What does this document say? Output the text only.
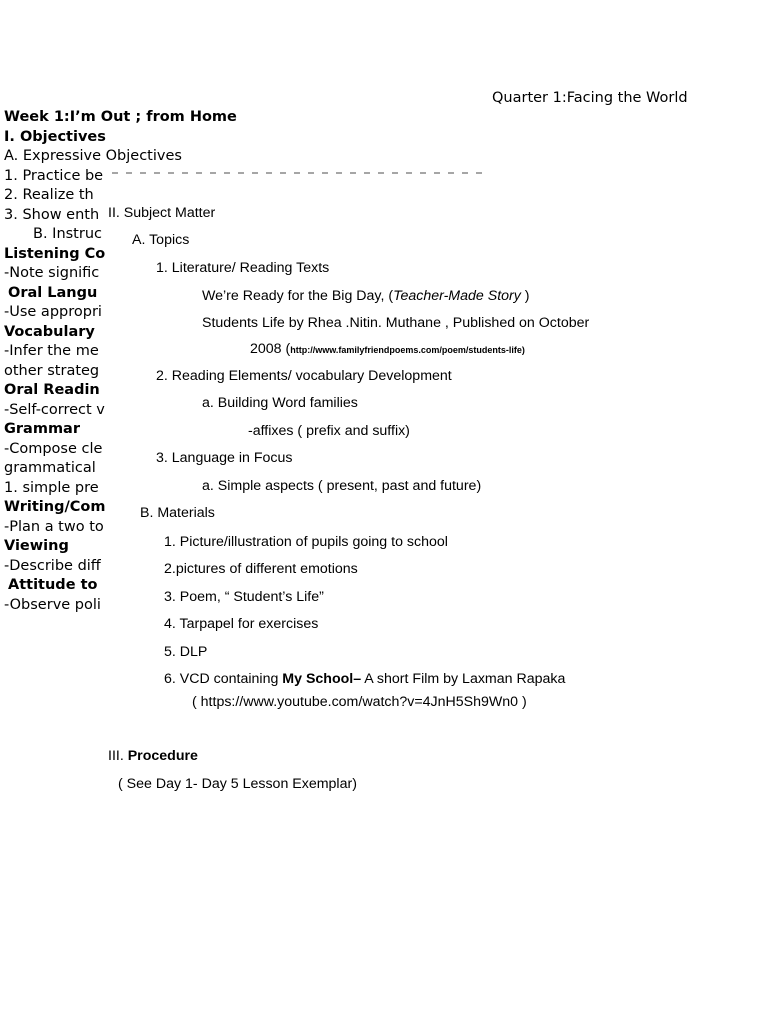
Quarter 1:Facing the World
Week 1:I’m Out ; from Home
I. Objectives
A. Expressive Objectives
1. Practice be
2. Realize th
3. Show enth
B. Instruc
Listening Co
-Note signific
Oral Langu
-Use appropri
Vocabulary
-Infer the me
other strateg
Oral Readin
-Self-correct v
Grammar
-Compose cle
grammatical
1. simple pre
Writing/Com
-Plan a two to
Viewing
-Describe diff
Attitude to
-Observe poli
II. Subject Matter
A. Topics
1. Literature/ Reading Texts
We’re Ready for the Big Day, (Teacher-Made Story )
Students Life by Rhea .Nitin. Muthane , Published on October
2008 (http://www.familyfriendpoems.com/poem/students-life)
2. Reading Elements/ vocabulary Development
a. Building Word families
-affixes ( prefix and suffix)
3. Language in Focus
a. Simple aspects ( present, past and future)
B. Materials
1. Picture/illustration of pupils going to school
2.pictures of different emotions
3. Poem, “ Student’s Life”
4. Tarpapel for exercises
5. DLP
6. VCD containing My School– A short Film by Laxman Rapaka
( https://www.youtube.com/watch?v=4JnH5Sh9Wn0 )
III. Procedure
( See Day 1- Day 5 Lesson Exemplar)
